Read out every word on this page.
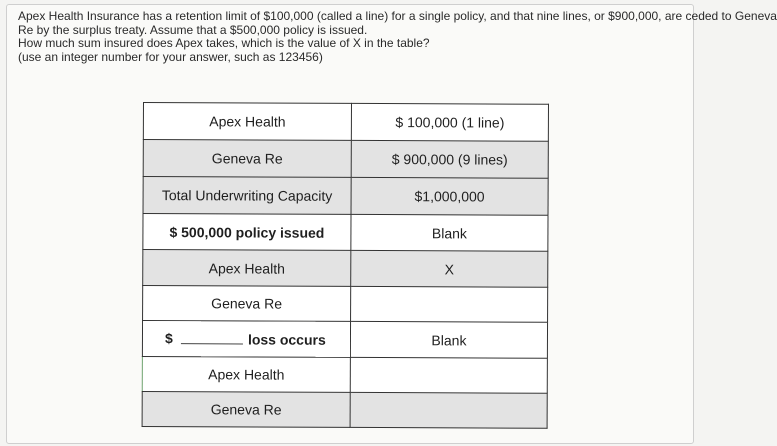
Apex Health Insurance has a retention limit of $100,000 (called a line) for a single policy, and that nine lines, or $900,000, are ceded to Geneva
Re by the surplus treaty. Assume that a $500,000 policy is issued.
How much sum insured does Apex takes, which is the value of X in the table?
(use an integer number for your answer, such as 123456)
Apex Health	$ 100,000 (1 line)
Geneva Re	$ 900,000 (9 lines)
Total Underwriting Capacity	$1,000,000
$ 500,000 policy issued	Blank
Apex Health	X
Geneva Re	

$ loss occurs	Blank
Apex Health	
Geneva Re	
